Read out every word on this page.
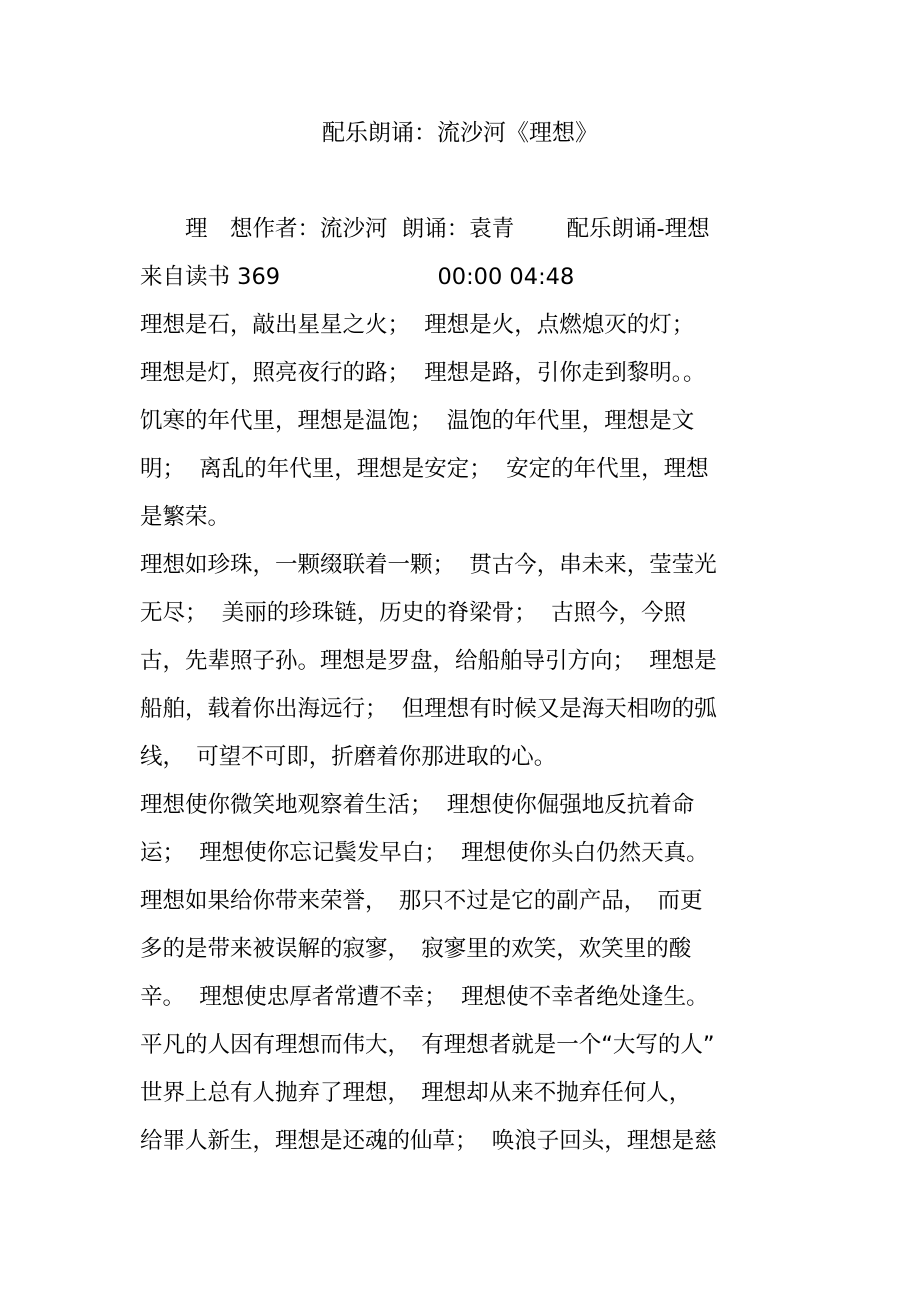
配乐朗诵：流沙河《理想》
　　理　想作者：流沙河  朗诵：袁青　　 配乐朗诵-理想
来自读书 369                      00:00 04:48
理想是石，敲出星星之火；  理想是火，点燃熄灭的灯；
理想是灯，照亮夜行的路；  理想是路，引你走到黎明。。
饥寒的年代里，理想是温饱；  温饱的年代里，理想是文
明；  离乱的年代里，理想是安定；  安定的年代里，理想
是繁荣。
理想如珍珠，一颗缀联着一颗；  贯古今，串未来，莹莹光
无尽；  美丽的珍珠链，历史的脊梁骨；  古照今，今照
古，先辈照子孙。理想是罗盘，给船舶导引方向；  理想是
船舶，载着你出海远行；  但理想有时候又是海天相吻的弧
线，　可望不可即，折磨着你那进取的心。
理想使你微笑地观察着生活；  理想使你倔强地反抗着命
运；  理想使你忘记鬓发早白；  理想使你头白仍然天真。
理想如果给你带来荣誉，　那只不过是它的副产品，　而更
多的是带来被误解的寂寥，　寂寥里的欢笑，欢笑里的酸
辛。  理想使忠厚者常遭不幸；  理想使不幸者绝处逢生。
平凡的人因有理想而伟大，　有理想者就是一个“大写的人”
世界上总有人抛弃了理想，　理想却从来不抛弃任何人，
给罪人新生，理想是还魂的仙草；  唤浪子回头，理想是慈
